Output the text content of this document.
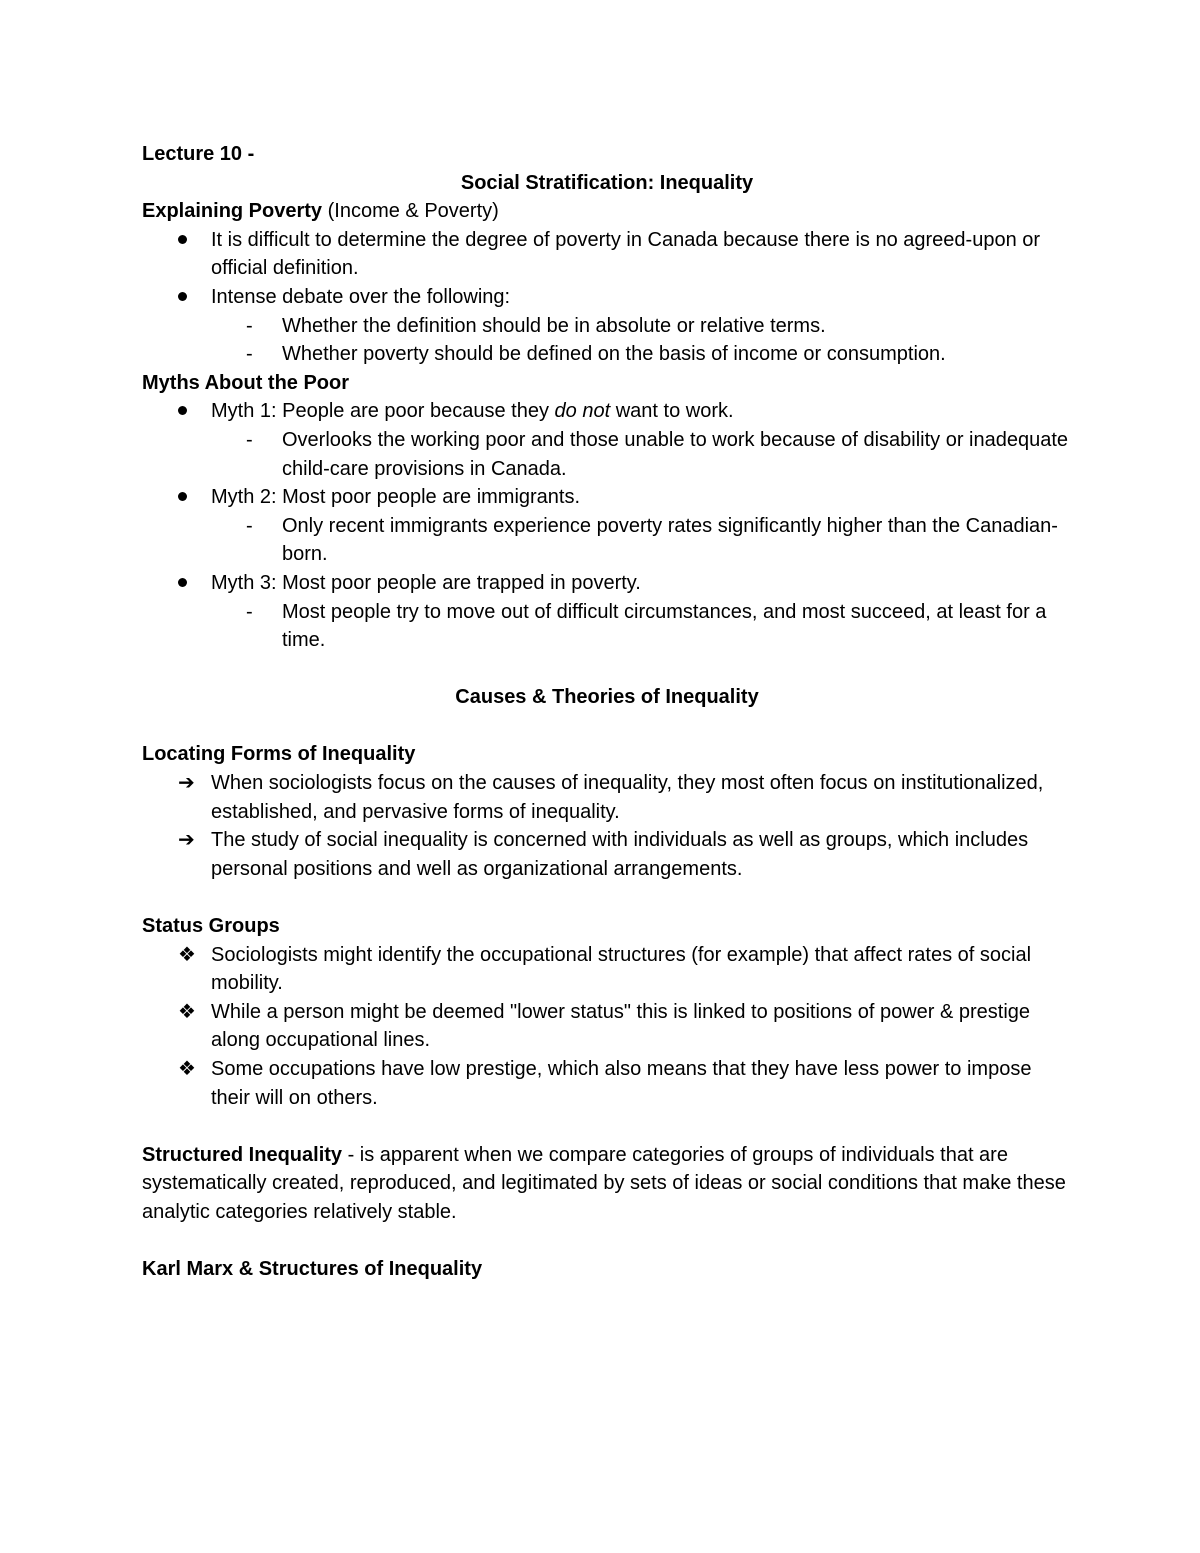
Lecture 10 -

Social Stratification: Inequality

Explaining Poverty (Income & Poverty)

It is difficult to determine the degree of poverty in Canada because there is no agreed-upon or official definition.
Intense debate over the following:
-	Whether the definition should be in absolute or relative terms.
-	Whether poverty should be defined on the basis of income or consumption.

Myths About the Poor

Myth 1: People are poor because they do not want to work.
-	Overlooks the working poor and those unable to work because of disability or inadequate child-care provisions in Canada.
Myth 2: Most poor people are immigrants.
-	Only recent immigrants experience poverty rates significantly higher than the Canadian-born.
Myth 3: Most poor people are trapped in poverty.
-	Most people try to move out of difficult circumstances, and most succeed, at least for a time.

Causes & Theories of Inequality

Locating Forms of Inequality

➔ When sociologists focus on the causes of inequality, they most often focus on institutionalized, established, and pervasive forms of inequality.
➔ The study of social inequality is concerned with individuals as well as groups, which includes personal positions and well as organizational arrangements.

Status Groups

❖ Sociologists might identify the occupational structures (for example) that affect rates of social mobility.
❖ While a person might be deemed "lower status" this is linked to positions of power & prestige along occupational lines.
❖ Some occupations have low prestige, which also means that they have less power to impose their will on others.

Structured Inequality - is apparent when we compare categories of groups of individuals that are systematically created, reproduced, and legitimated by sets of ideas or social conditions that make these analytic categories relatively stable.

Karl Marx & Structures of Inequality
